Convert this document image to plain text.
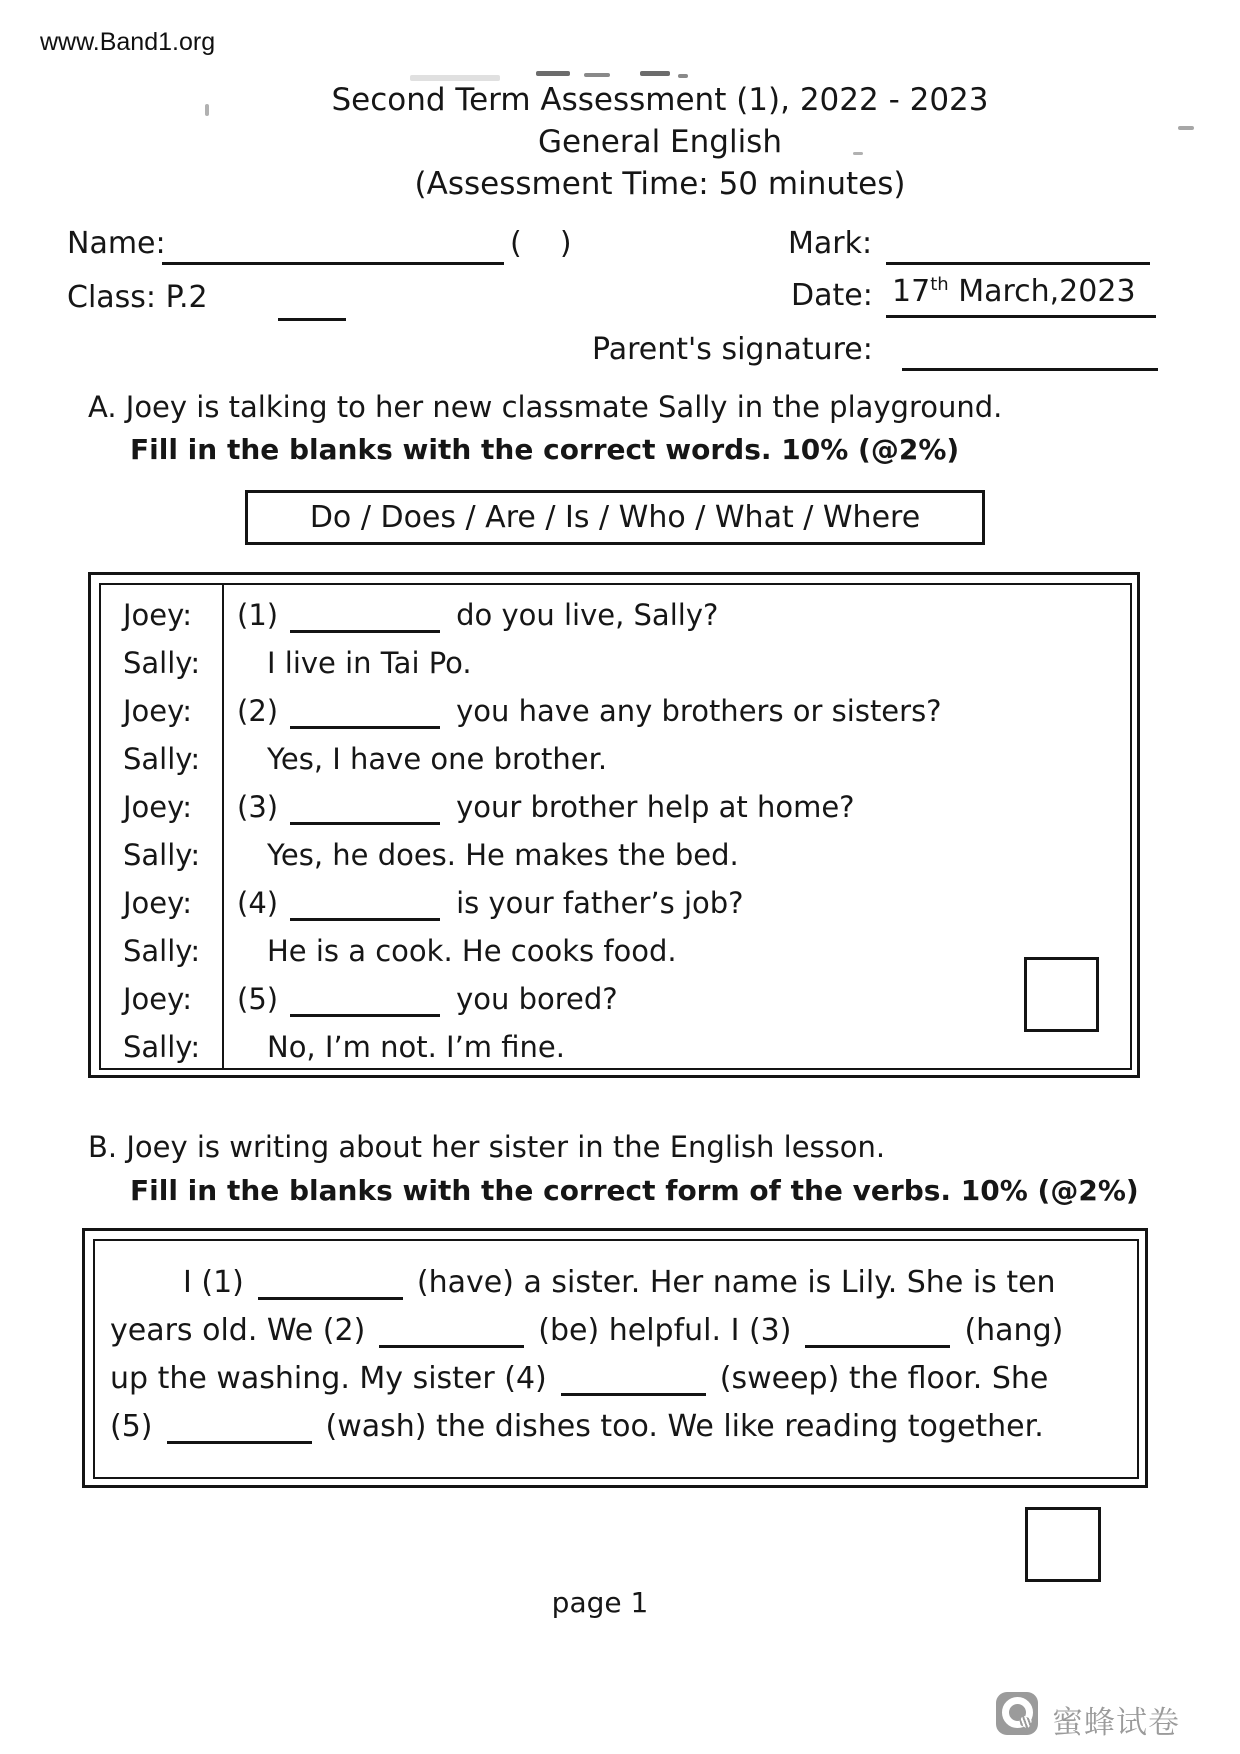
www.Band1.org
Second Term Assessment (1), 2022 - 2023
General English
(Assessment Time: 50 minutes)
Name:	(    )	Mark:
Class: P.2	Date: 17th March,2023
Parent's signature:
A. Joey is talking to her new classmate Sally in the playground.
Fill in the blanks with the correct words. 10% (@2%)
Do / Does / Are / Is / Who / What / Where
Joey:	(1)	do you live, Sally?
Sally:	I live in Tai Po.
Joey:	(2)	you have any brothers or sisters?
Sally:	Yes, I have one brother.
Joey:	(3)	your brother help at home?
Sally:	Yes, he does. He makes the bed.
Joey:	(4)	is your father’s job?
Sally:	He is a cook. He cooks food.
Joey:	(5)	you bored?
Sally:	No, I’m not. I’m fine.
B. Joey is writing about her sister in the English lesson.
Fill in the blanks with the correct form of the verbs. 10% (@2%)
I (1)	(have) a sister. Her name is Lily. She is ten
years old. We (2)	(be) helpful. I (3)	(hang)
up the washing. My sister (4)	(sweep) the floor. She
(5)	(wash) the dishes too. We like reading together.
page 1
蜜蜂试卷
